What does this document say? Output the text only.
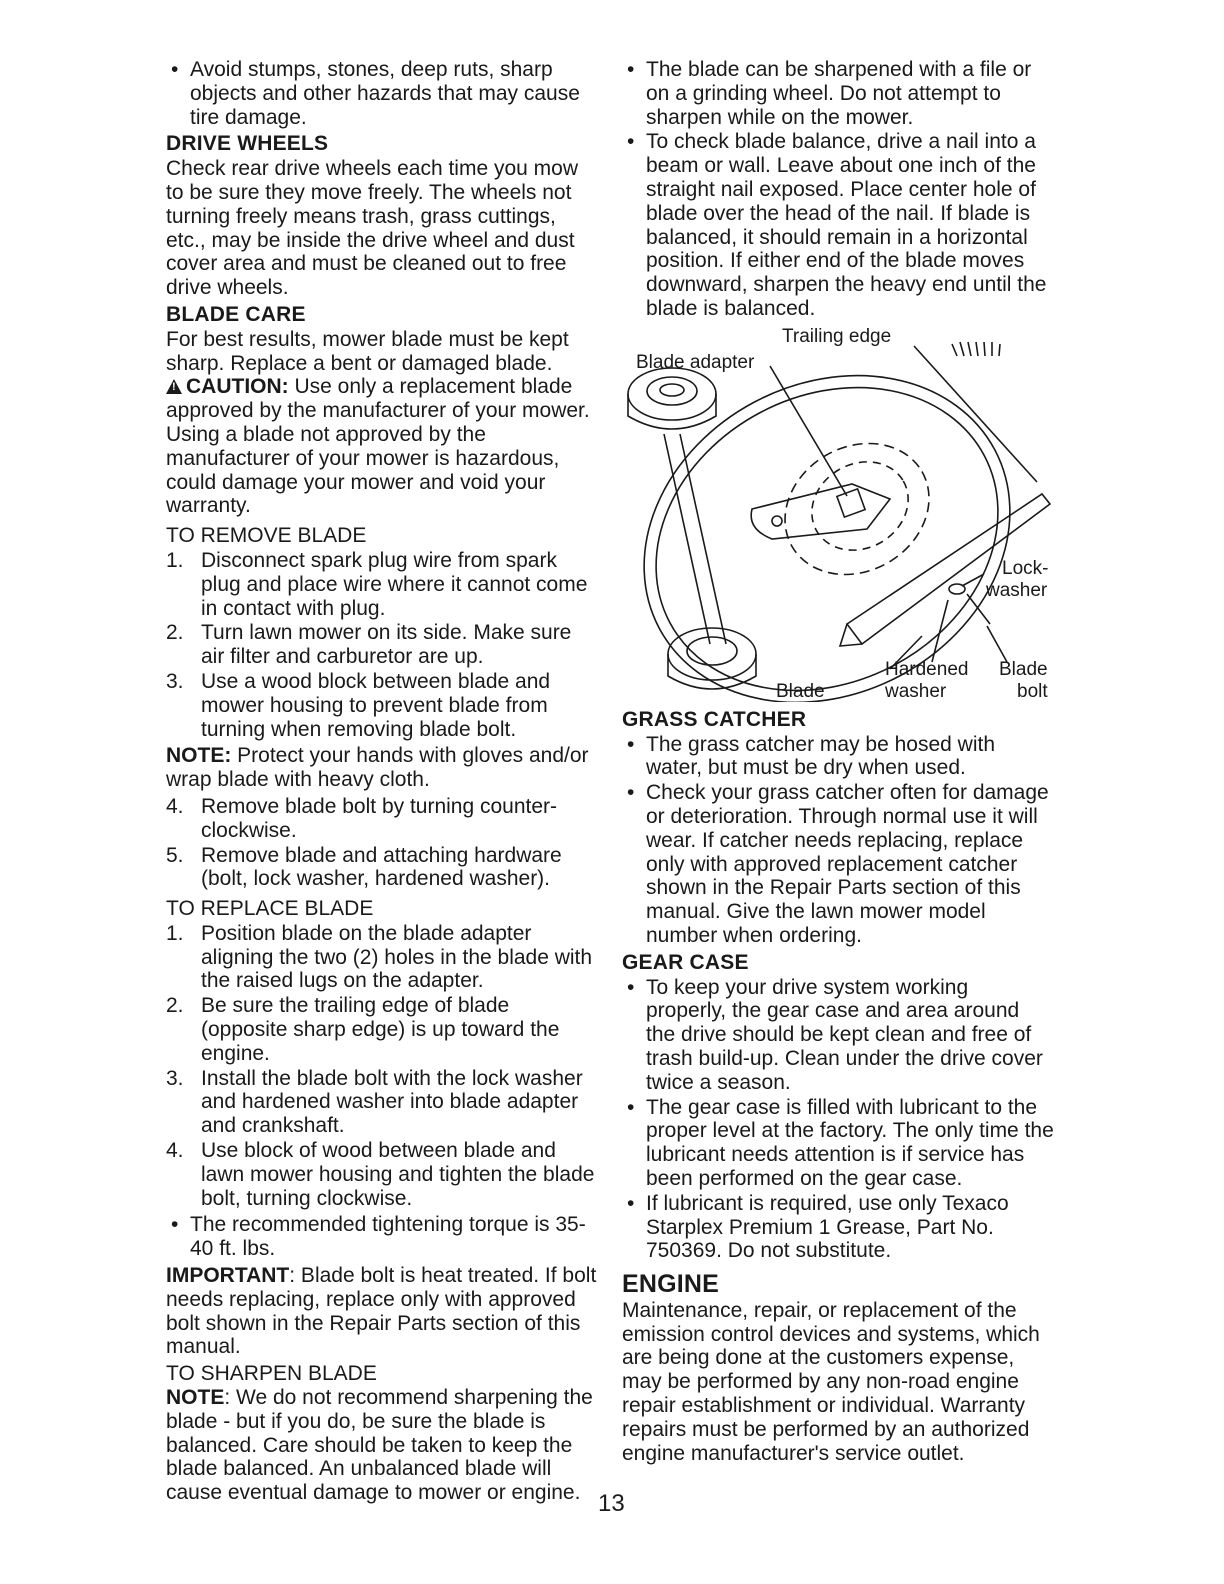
• Avoid stumps, stones, deep ruts, sharp objects and other hazards that may cause tire damage.
DRIVE WHEELS

Check rear drive wheels each time you mow to be sure they move freely. The wheels not turning freely means trash, grass cuttings, etc., may be inside the drive wheel and dust cover area and must be cleaned out to free drive wheels.

BLADE CARE

For best results, mower blade must be kept sharp. Replace a bent or damaged blade.
!CAUTION: Use only a replacement blade approved by the manufacturer of your mower. Using a blade not approved by the manufacturer of your mower is hazardous, could damage your mower and void your warranty.

TO REMOVE BLADE
1. Disconnect spark plug wire from spark plug and place wire where it cannot come in contact with plug.
2. Turn lawn mower on its side. Make sure air filter and carburetor are up.
3. Use a wood block between blade and mower housing to prevent blade from turning when removing blade bolt.

NOTE: Protect your hands with gloves and/or wrap blade with heavy cloth.

4. Remove blade bolt by turning counter-clockwise.
5. Remove blade and attaching hardware (bolt, lock washer, hardened washer).
TO REPLACE BLADE
1. Position blade on the blade adapter aligning the two (2) holes in the blade with the raised lugs on the adapter.
2. Be sure the trailing edge of blade (opposite sharp edge) is up toward the engine.
3. Install the blade bolt with the lock washer and hardened washer into blade adapter and crankshaft.
4. Use block of wood between blade and lawn mower housing and tighten the blade bolt, turning clockwise.
• The recommended tightening torque is 35-40 ft. lbs.

IMPORTANT: Blade bolt is heat treated. If bolt needs replacing, replace only with approved bolt shown in the Repair Parts section of this manual.

TO SHARPEN BLADE

NOTE: We do not recommend sharpening the blade - but if you do, be sure the blade is balanced. Care should be taken to keep the blade balanced. An unbalanced blade will cause eventual damage to mower or engine.

• The blade can be sharpened with a file or on a grinding wheel. Do not attempt to sharpen while on the mower.
• To check blade balance, drive a nail into a beam or wall. Leave about one inch of the straight nail exposed. Place center hole of blade over the head of the nail. If blade is balanced, it should remain in a horizontal position. If either end of the blade moves downward, sharpen the heavy end until the blade is balanced.
Trailing edge
Blade adapter
Lock-
washer
Hardened
washer
Blade
bolt
Blade
GRASS CATCHER
• The grass catcher may be hosed with water, but must be dry when used.
• Check your grass catcher often for damage or deterioration. Through normal use it will wear. If catcher needs replacing, replace only with approved replacement catcher shown in the Repair Parts section of this manual. Give the lawn mower model number when ordering.
GEAR CASE
• To keep your drive system working properly, the gear case and area around the drive should be kept clean and free of trash build-up. Clean under the drive cover twice a season.
• The gear case is filled with lubricant to the proper level at the factory. The only time the lubricant needs attention is if service has been performed on the gear case.
• If lubricant is required, use only Texaco Starplex Premium 1 Grease, Part No. 750369. Do not substitute.
ENGINE

Maintenance, repair, or replacement of the emission control devices and systems, which are being done at the customers expense, may be performed by any non-road engine repair establishment or individual. Warranty repairs must be performed by an authorized engine manufacturer's service outlet.

13
